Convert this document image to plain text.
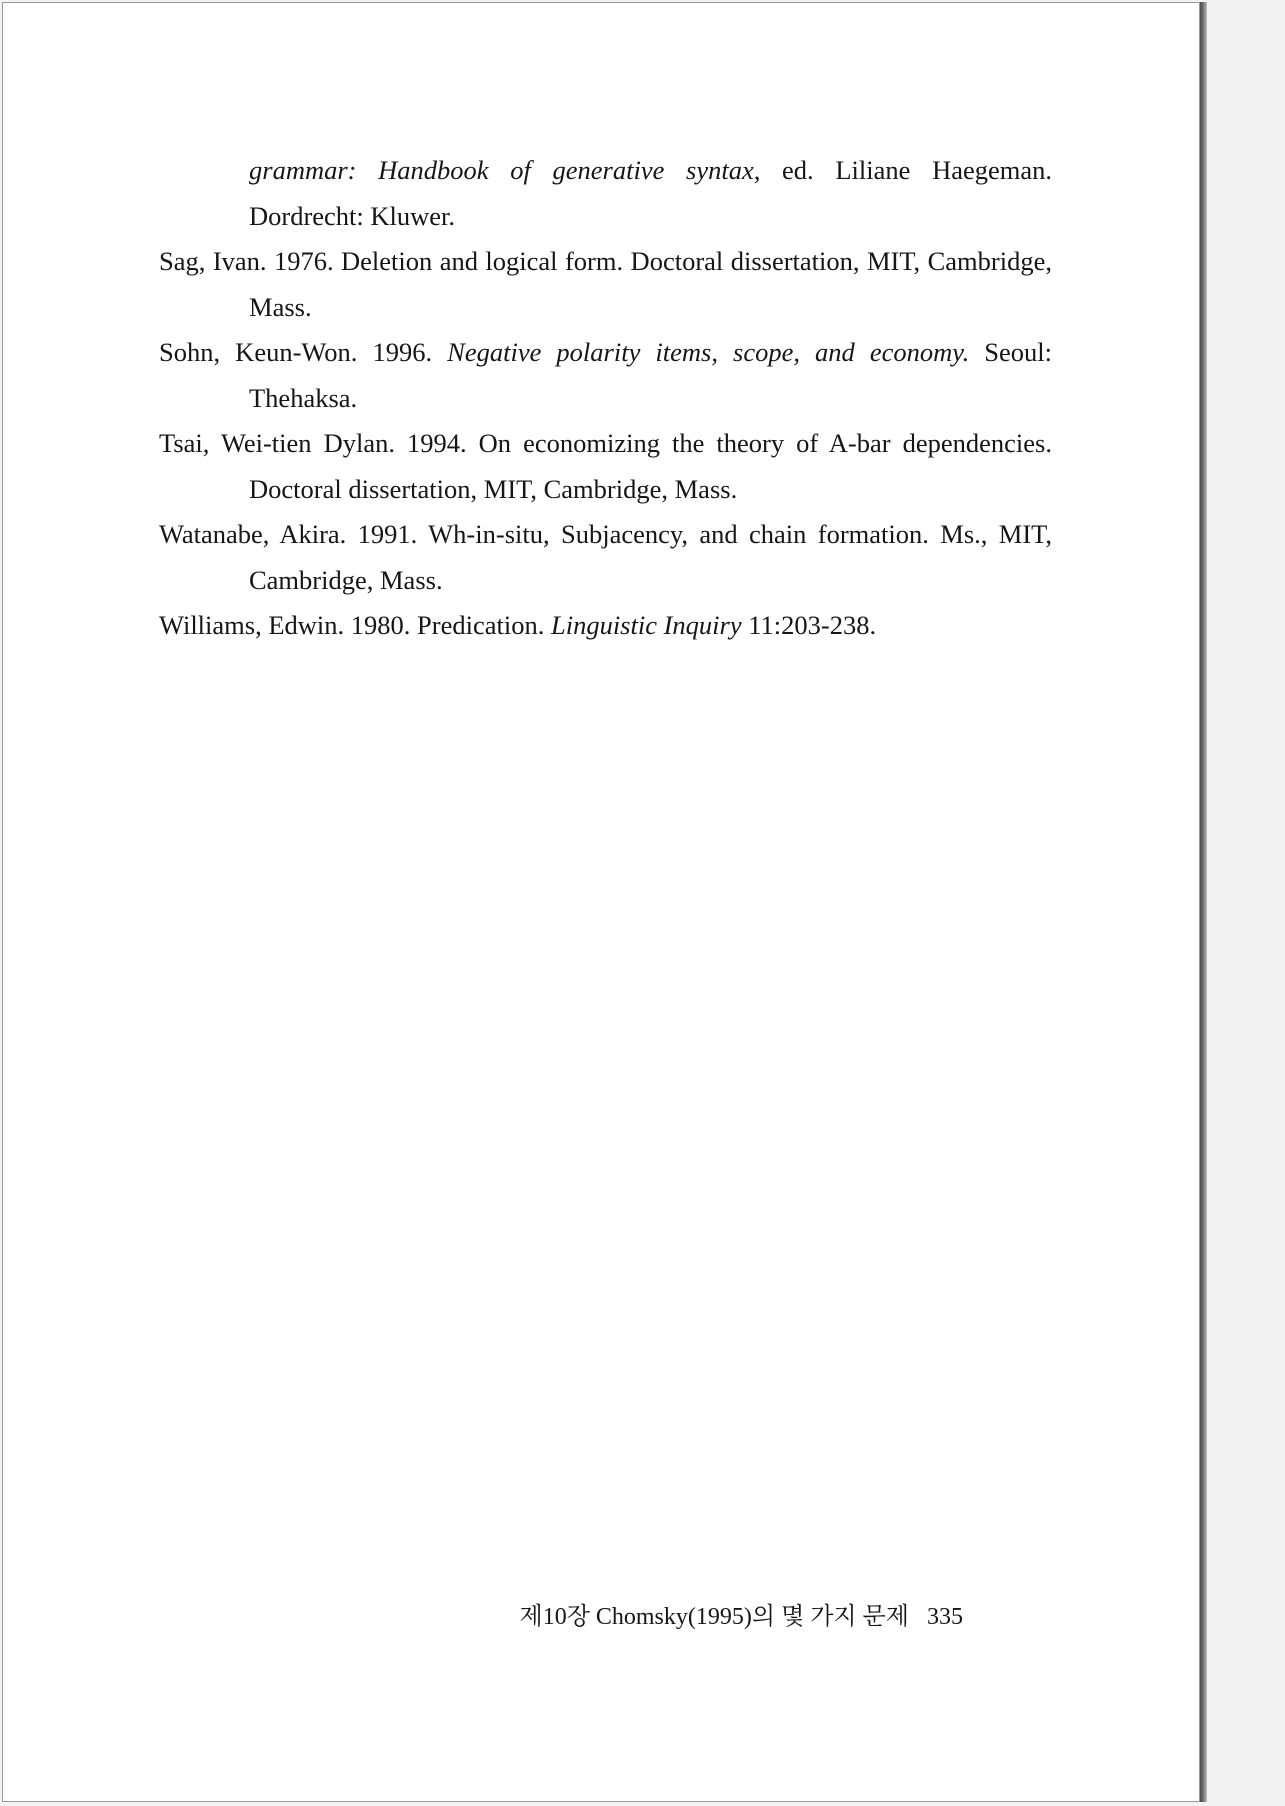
grammar: Handbook of generative syntax, ed. Liliane Haegeman. Dordrecht: Kluwer.
Sag, Ivan. 1976. Deletion and logical form. Doctoral dissertation, MIT, Cambridge, Mass.
Sohn, Keun-Won. 1996. Negative polarity items, scope, and economy. Seoul: Thehaksa.
Tsai, Wei-tien Dylan. 1994. On economizing the theory of A-bar dependencies. Doctoral dissertation, MIT, Cambridge, Mass.
Watanabe, Akira. 1991. Wh-in-situ, Subjacency, and chain formation. Ms., MIT, Cambridge, Mass.
Williams, Edwin. 1980. Predication. Linguistic Inquiry 11:203-238.
제10장 Chomsky(1995)의 몇 가지 문제 335
